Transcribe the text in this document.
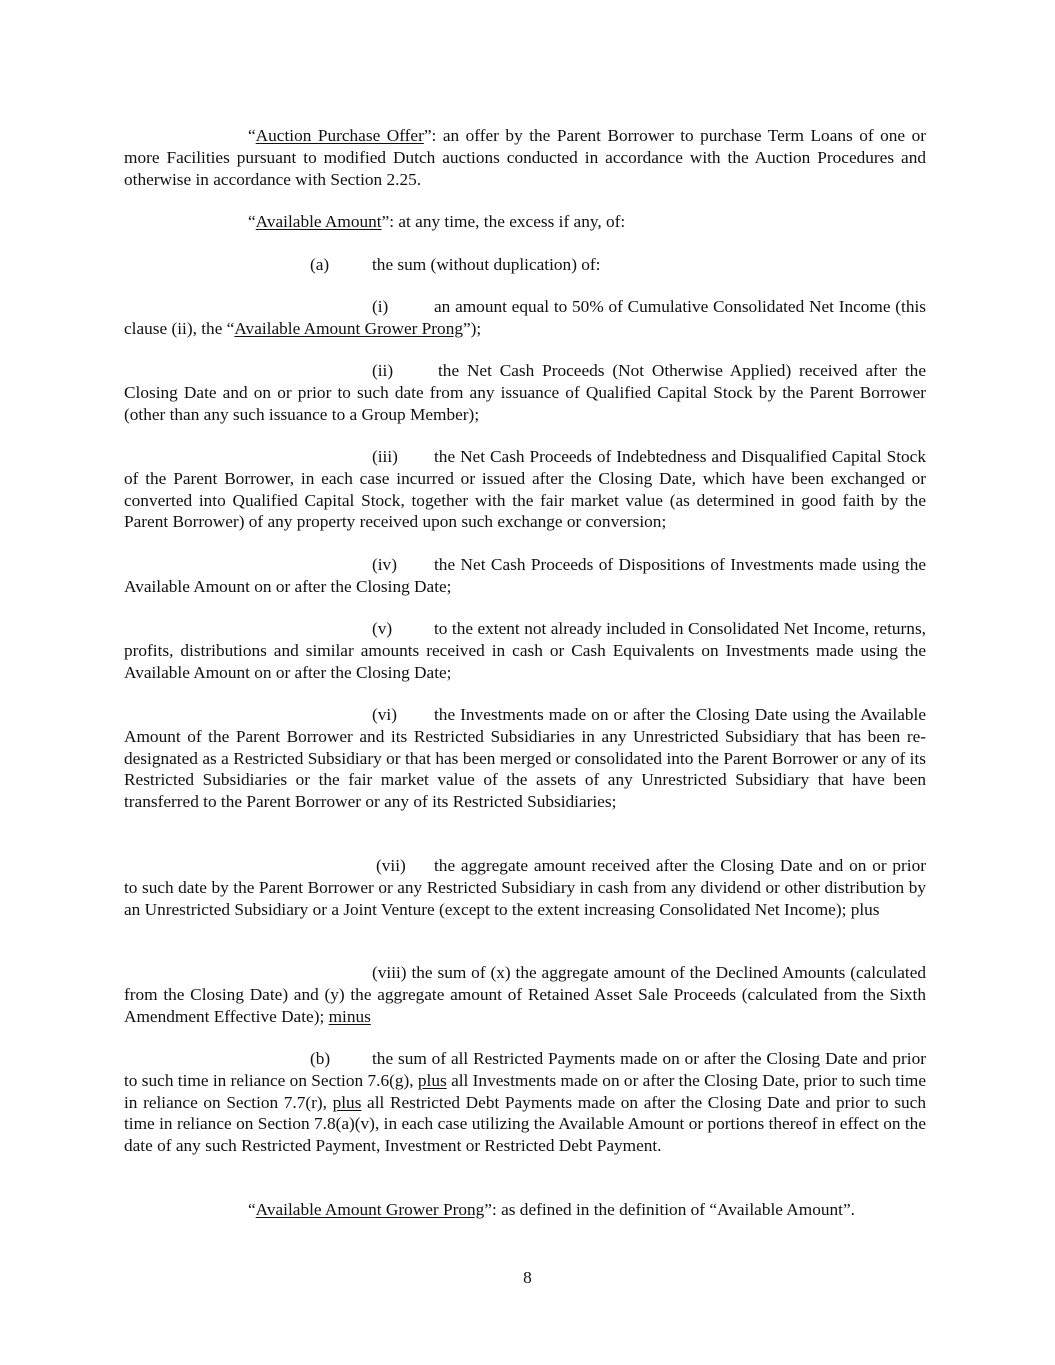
“Auction Purchase Offer”: an offer by the Parent Borrower to purchase Term Loans of one or more Facilities pursuant to modified Dutch auctions conducted in accordance with the Auction Procedures and otherwise in accordance with Section 2.25.

“Available Amount”: at any time, the excess if any, of:

(a) the sum (without duplication) of:

(i)	an amount equal to 50% of Cumulative Consolidated Net Income (this clause (ii), the “Available Amount Grower Prong”);

(ii)	the Net Cash Proceeds (Not Otherwise Applied) received after the Closing Date and on or prior to such date from any issuance of Qualified Capital Stock by the Parent Borrower (other than any such issuance to a Group Member);

(iii) the Net Cash Proceeds of Indebtedness and Disqualified Capital Stock of the Parent Borrower, in each case incurred or issued after the Closing Date, which have been exchanged or converted into Qualified Capital Stock, together with the fair market value (as determined in good faith by the Parent Borrower) of any property received upon such exchange or conversion;

(iv) the Net Cash Proceeds of Dispositions of Investments made using the Available Amount on or after the Closing Date;

(v) to the extent not already included in Consolidated Net Income, returns, profits, distributions and similar amounts received in cash or Cash Equivalents on Investments made using the Available Amount on or after the Closing Date;

(vi) the Investments made on or after the Closing Date using the Available Amount of the Parent Borrower and its Restricted Subsidiaries in any Unrestricted Subsidiary that has been re-designated as a Restricted Subsidiary or that has been merged or consolidated into the Parent Borrower or any of its Restricted Subsidiaries or the fair market value of the assets of any Unrestricted Subsidiary that have been transferred to the Parent Borrower or any of its Restricted Subsidiaries;

(vii) the aggregate amount received after the Closing Date and on or prior to such date by the Parent Borrower or any Restricted Subsidiary in cash from any dividend or other distribution by an Unrestricted Subsidiary or a Joint Venture (except to the extent increasing Consolidated Net Income); plus

(viii) the sum of (x) the aggregate amount of the Declined Amounts (calculated from the Closing Date) and (y) the aggregate amount of Retained Asset Sale Proceeds (calculated from the Sixth Amendment Effective Date); minus

(b) the sum of all Restricted Payments made on or after the Closing Date and prior to such time in reliance on Section 7.6(g), plus all Investments made on or after the Closing Date, prior to such time in reliance on Section 7.7(r), plus all Restricted Debt Payments made on after the Closing Date and prior to such time in reliance on Section 7.8(a)(v), in each case utilizing the Available Amount or portions thereof in effect on the date of any such Restricted Payment, Investment or Restricted Debt Payment.

“Available Amount Grower Prong”: as defined in the definition of “Available Amount”.

8
